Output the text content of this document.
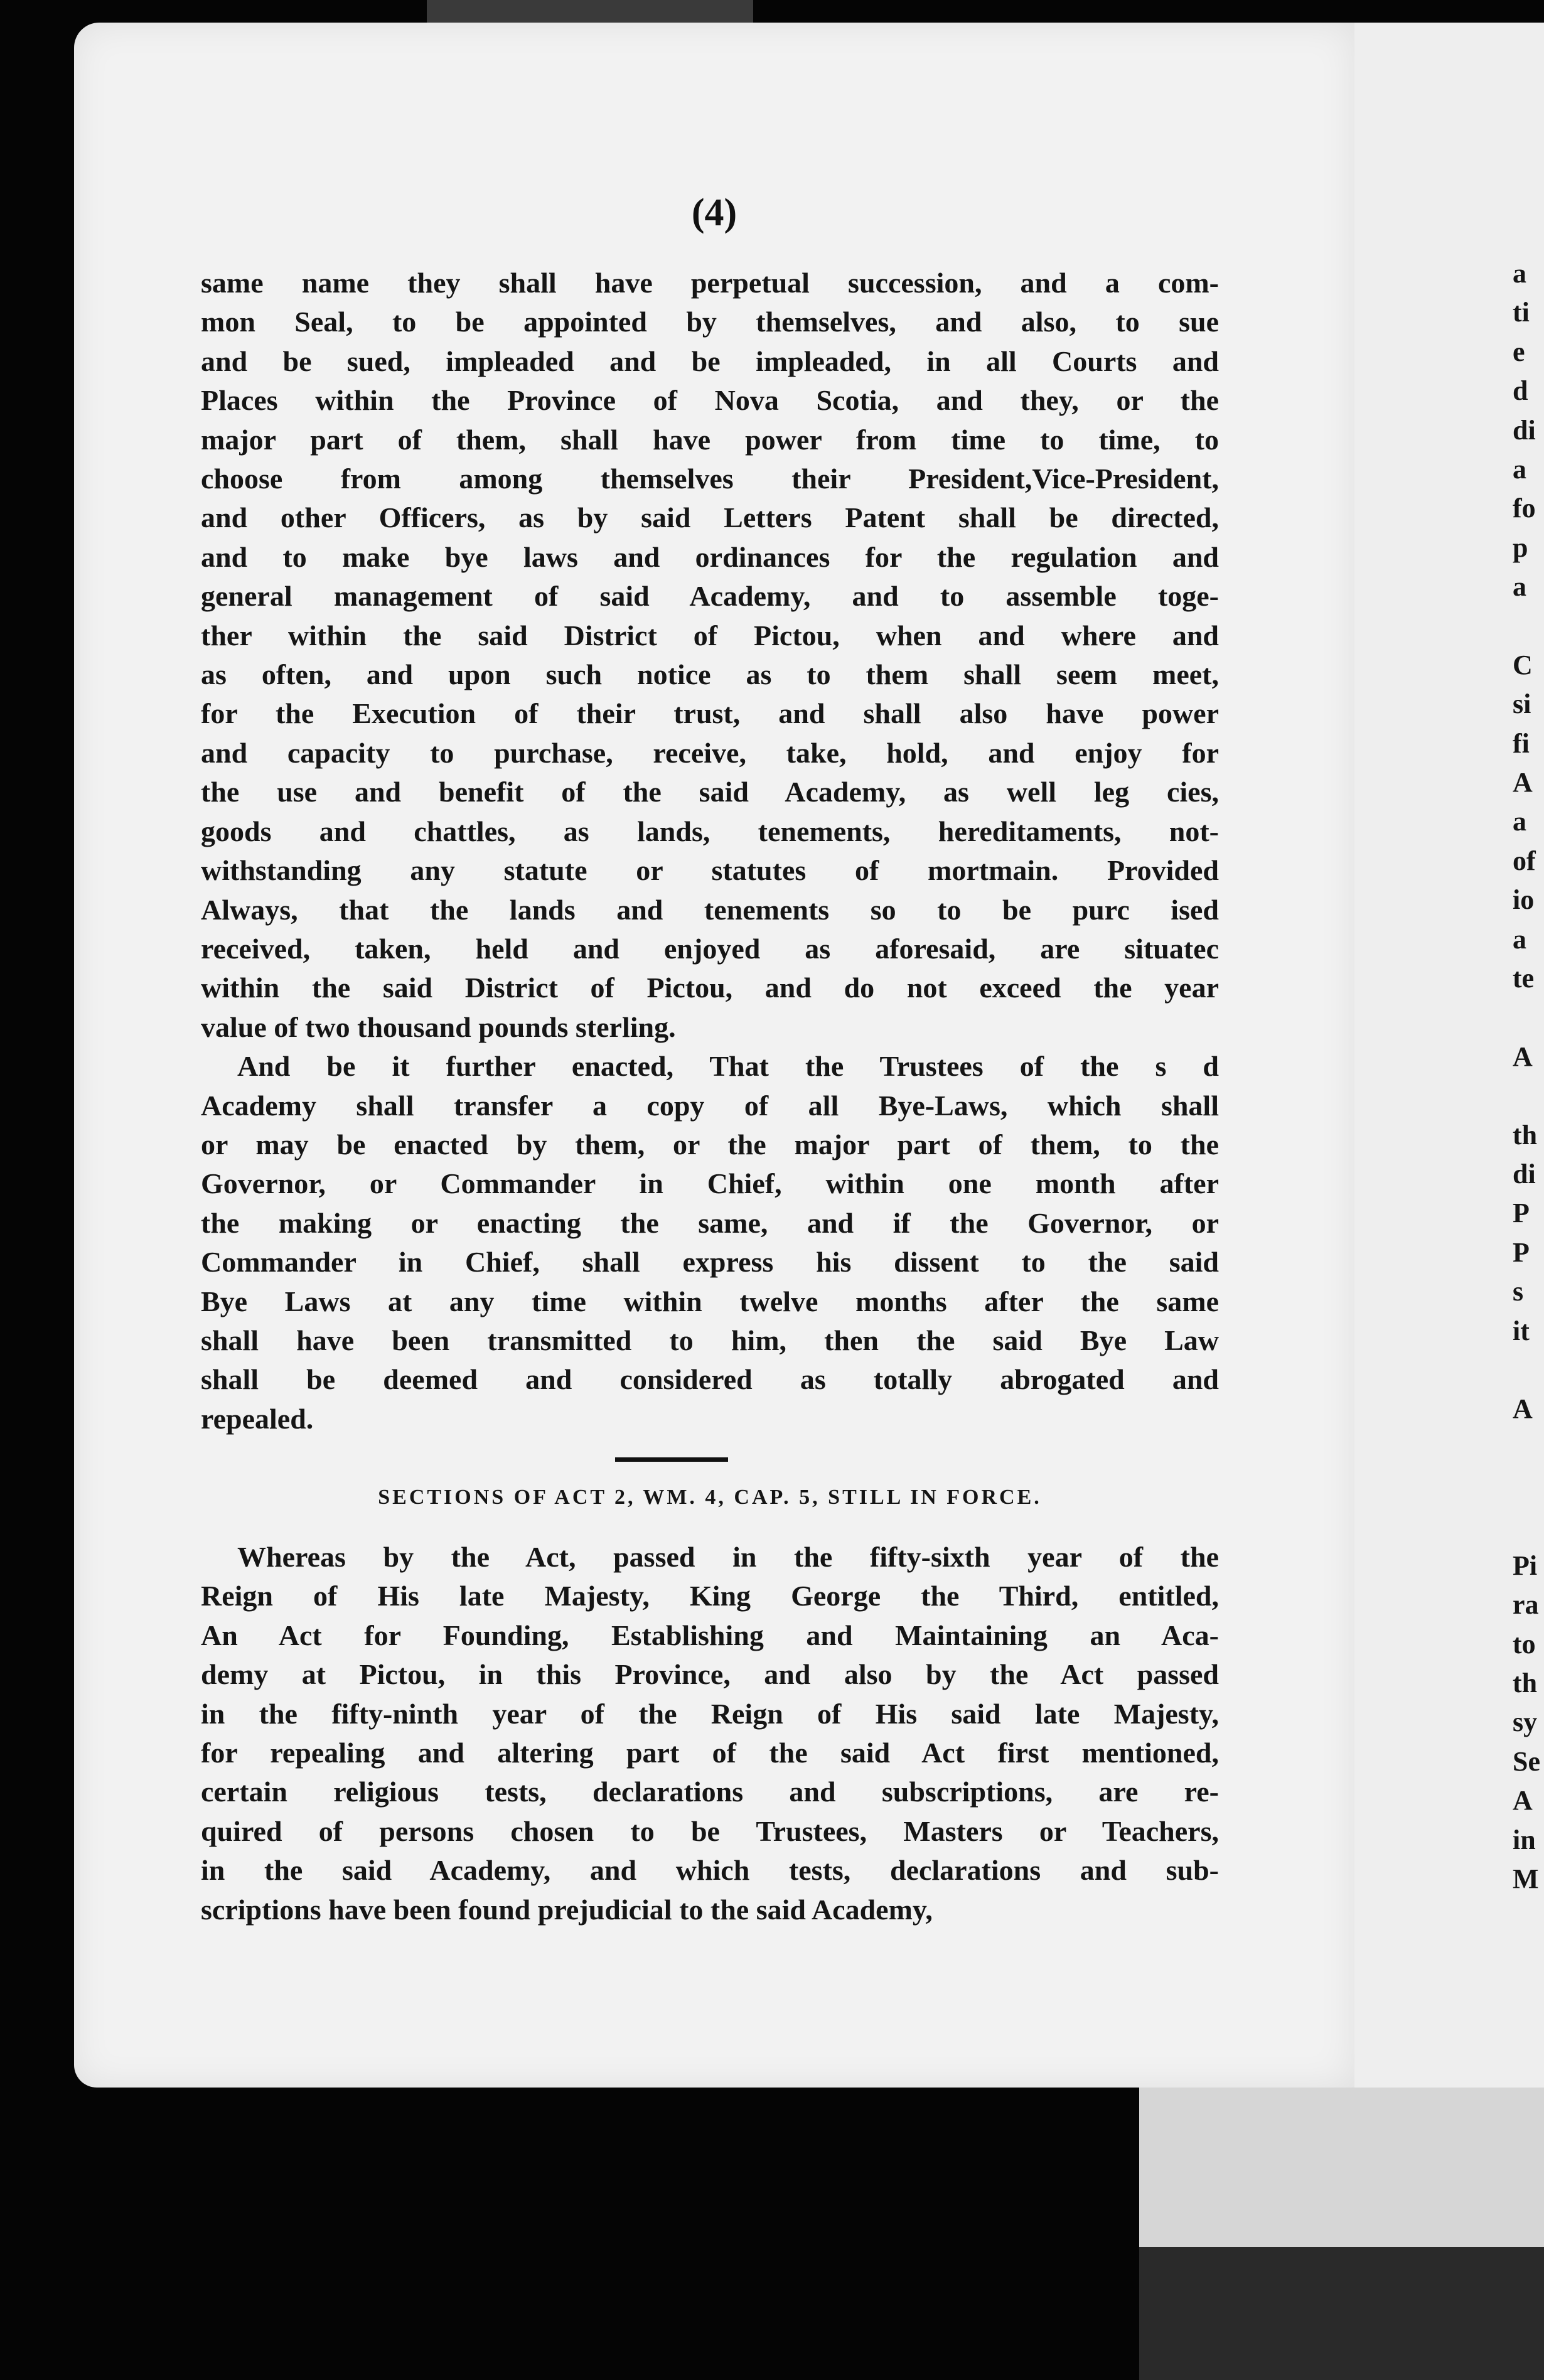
a
ti
e
d
di
a
fo
p
a
C
si
fi
A
a
of
io
a
te
A
th
di
P
P
s
it
A
Pi
ra
to
th
sy
Se
A
in
M
(4)
same name they shall have perpetual succession, and a com-
mon Seal, to be appointed by themselves, and also, to sue
and be sued, impleaded and be impleaded, in all Courts and
Places within the Province of Nova Scotia, and they, or the
major part of them, shall have power from time to time, to
choose from among themselves their President,Vice-President,
and other Officers, as by said Letters Patent shall be directed,
and to make bye laws and ordinances for the regulation and
general management of said Academy, and to assemble toge-
ther within the said District of Pictou, when and where and
as often, and upon such notice as to them shall seem meet,
for the Execution of their trust, and shall also have power
and capacity to purchase, receive, take, hold, and enjoy for
the use and benefit of the said Academy, as well leg cies,
goods and chattles, as lands, tenements, hereditaments, not-
withstanding any statute or statutes of mortmain. Provided
Always, that the lands and tenements so to be purc ised
received, taken, held and enjoyed as aforesaid, are situatec
within the said District of Pictou, and do not exceed the year
value of two thousand pounds sterling.
And be it further enacted, That the Trustees of the s d
Academy shall transfer a copy of all Bye-Laws, which shall
or may be enacted by them, or the major part of them, to the
Governor, or Commander in Chief, within one month after
the making or enacting the same, and if the Governor, or
Commander in Chief, shall express his dissent to the said
Bye Laws at any time within twelve months after the same
shall have been transmitted to him, then the said Bye Law
shall be deemed and considered as totally abrogated and
repealed.
SECTIONS OF ACT 2, WM. 4, CAP. 5, STILL IN FORCE.
Whereas by the Act, passed in the fifty-sixth year of the
Reign of His late Majesty, King George the Third, entitled,
An Act for Founding, Establishing and Maintaining an Aca-
demy at Pictou, in this Province, and also by the Act passed
in the fifty-ninth year of the Reign of His said late Majesty,
for repealing and altering part of the said Act first mentioned,
certain religious tests, declarations and subscriptions, are re-
quired of persons chosen to be Trustees, Masters or Teachers,
in the said Academy, and which tests, declarations and sub-
scriptions have been found prejudicial to the said Academy,
